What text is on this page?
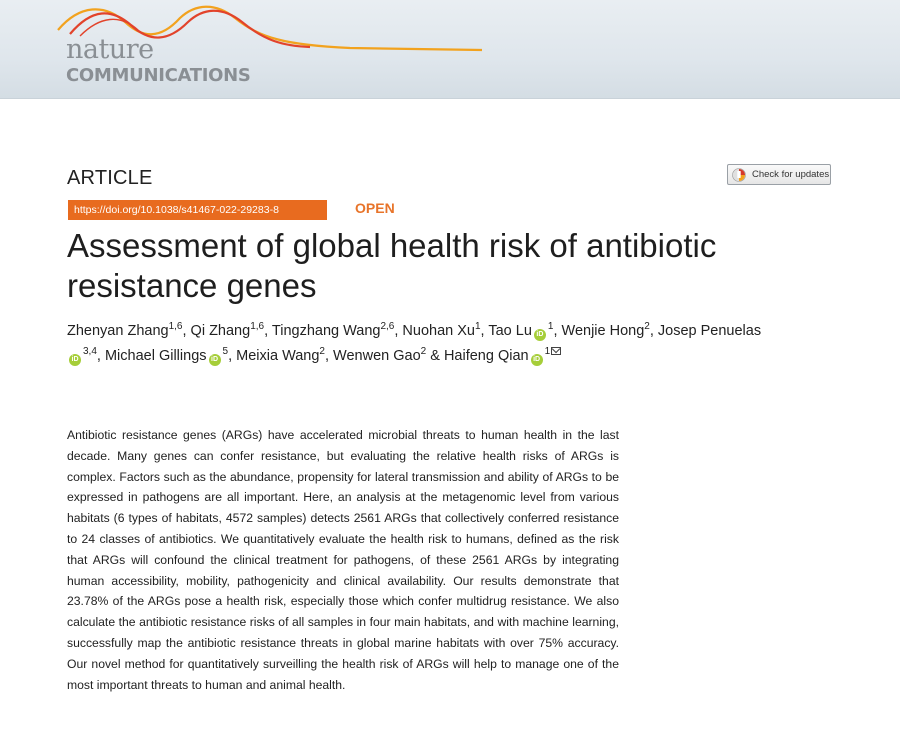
nature
COMMUNICATIONS
ARTICLE	Check for updates
https://doi.org/10.1038/s41467-022-29283-8	OPEN
Assessment of global health risk of antibiotic resistance genes
Zhenyan Zhang$^{1,6}$, Qi Zhang$^{1,6}$, Tingzhang Wang$^{2,6}$, Nuohan Xu$^1$, Tao Lu $iD^1$, Wenjie Hong$^2$, Josep PenuelasiD$^{3,4}$, Michael Gillings $iD^5$, Meixia Wang$^2$, Wenwen Gao$^2$ & Haifeng Qian $iD^1$

Antibiotic resistance genes (ARGs) have accelerated microbial threats to human health in the last decade. Many genes can confer resistance, but evaluating the relative health risks of ARGs is complex. Factors such as the abundance, propensity for lateral transmission and ability of ARGs to be expressed in pathogens are all important. Here, an analysis at the metagenomic level from various habitats (6 types of habitats, 4572 samples) detects 2561 ARGs that collectively conferred resistance to 24 classes of antibiotics. We quantitatively evaluate the health risk to humans, defined as the risk that ARGs will confound the clinical treatment for pathogens, of these 2561 ARGs by integrating human accessibility, mobility, pathogenicity and clinical availability. Our results demonstrate that 23.78% of the ARGs pose a health risk, especially those which confer multidrug resistance. We also calculate the antibiotic resistance risks of all samples in four main habitats, and with machine learning, successfully map the antibiotic resistance threats in global marine habitats with over 75% accuracy. Our novel method for quantitatively surveilling the health risk of ARGs will help to manage one of the most important threats to human and animal health.
